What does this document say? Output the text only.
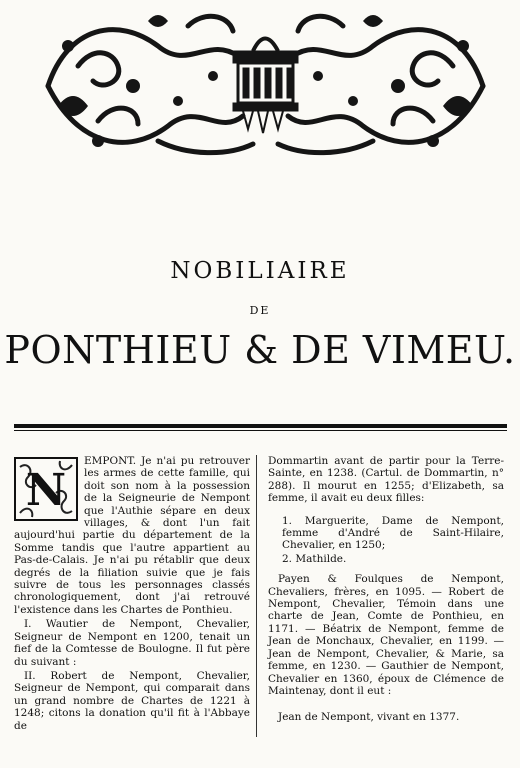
NOBILIAIRE
DE
PONTHIEU & DE VIMEU.
N

EMPONT. Je n'ai pu retrouver les armes de cette famille, qui doit son nom à la possession de la Seigneurie de Nempont que l'Authie sépare en deux villages, & dont l'un fait aujourd'hui partie du département de la Somme tandis que l'autre appartient au Pas-de-Calais. Je n'ai pu rétablir que deux degrés de la filiation suivie que je fais suivre de tous les personnages classés chronologiquement, dont j'ai retrouvé l'existence dans les Chartes de Ponthieu.

I. Wautier de Nempont, Chevalier, Seigneur de Nempont en 1200, tenait un fief de la Comtesse de Boulogne. Il fut père du suivant :

II. Robert de Nempont, Chevalier, Seigneur de Nempont, qui comparait dans un grand nombre de Chartes de 1221 à 1248; citons la donation qu'il fit à l'Abbaye de

Dommartin avant de partir pour la Terre-Sainte, en 1238. (Cartul. de Dommartin, n° 288). Il mourut en 1255; d'Elizabeth, sa femme, il avait eu deux filles:

1. Marguerite, Dame de Nempont, femme d'André de Saint-Hilaire, Chevalier, en 1250;
2. Mathilde.

Payen & Foulques de Nempont, Chevaliers, frères, en 1095. — Robert de Nempont, Chevalier, Témoin dans une charte de Jean, Comte de Ponthieu, en 1171. — Béatrix de Nempont, femme de Jean de Monchaux, Chevalier, en 1199. — Jean de Nempont, Chevalier, & Marie, sa femme, en 1230. — Gauthier de Nempont, Chevalier en 1360, époux de Clémence de Maintenay, dont il eut :

Jean de Nempont, vivant en 1377.
